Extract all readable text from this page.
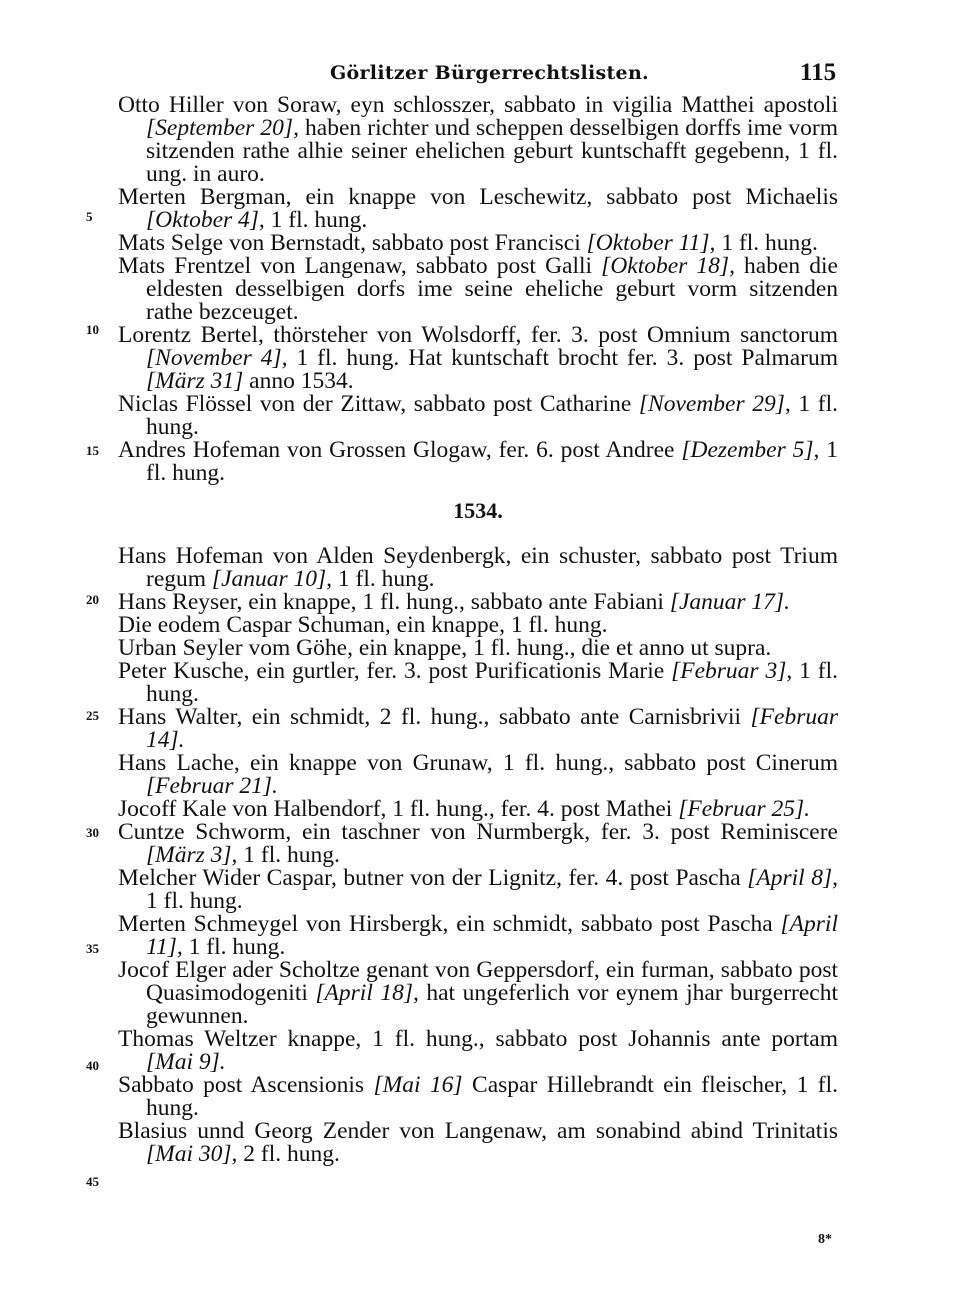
Görlitzer Bürgerrechtslisten.	115
Otto Hiller von Soraw, eyn schlosszer, sabbato in vigilia Matthei apostoli [September 20], haben richter und scheppen desselbigen dorffs ime vorm sitzenden rathe alhie seiner ehelichen geburt kuntschafft gegebenn, 1 fl. ung. in auro.
Merten Bergman, ein knappe von Leschewitz, sabbato post Michaelis [Oktober 4], 1 fl. hung.
Mats Selge von Bernstadt, sabbato post Francisci [Oktober 11], 1 fl. hung.
Mats Frentzel von Langenaw, sabbato post Galli [Oktober 18], haben die eldesten desselbigen dorfs ime seine eheliche geburt vorm sitzenden rathe bezceuget.
Lorentz Bertel, thörsteher von Wolsdorff, fer. 3. post Omnium sanctorum [November 4], 1 fl. hung. Hat kuntschaft brocht fer. 3. post Palmarum [März 31] anno 1534.
Niclas Flössel von der Zittaw, sabbato post Catharine [November 29], 1 fl. hung.
Andres Hofeman von Grossen Glogaw, fer. 6. post Andree [Dezember 5], 1 fl. hung.
1534.
Hans Hofeman von Alden Seydenbergk, ein schuster, sabbato post Trium regum [Januar 10], 1 fl. hung.
Hans Reyser, ein knappe, 1 fl. hung., sabbato ante Fabiani [Januar 17].
Die eodem Caspar Schuman, ein knappe, 1 fl. hung.
Urban Seyler vom Göhe, ein knappe, 1 fl. hung., die et anno ut supra.
Peter Kusche, ein gurtler, fer. 3. post Purificationis Marie [Februar 3], 1 fl. hung.
Hans Walter, ein schmidt, 2 fl. hung., sabbato ante Carnisbrivii [Februar 14].
Hans Lache, ein knappe von Grunaw, 1 fl. hung., sabbato post Cinerum [Februar 21].
Jocoff Kale von Halbendorf, 1 fl. hung., fer. 4. post Mathei [Februar 25].
Cuntze Schworm, ein taschner von Nurmbergk, fer. 3. post Reminiscere [März 3], 1 fl. hung.
Melcher Wider Caspar, butner von der Lignitz, fer. 4. post Pascha [April 8], 1 fl. hung.
Merten Schmeygel von Hirsbergk, ein schmidt, sabbato post Pascha [April 11], 1 fl. hung.
Jocof Elger ader Scholtze genant von Geppersdorf, ein furman, sabbato post Quasimodogeniti [April 18], hat ungeferlich vor eynem jhar burgerrecht gewunnen.
Thomas Weltzer knappe, 1 fl. hung., sabbato post Johannis ante portam [Mai 9].
Sabbato post Ascensionis [Mai 16] Caspar Hillebrandt ein fleischer, 1 fl. hung.
Blasius unnd Georg Zender von Langenaw, am sonabind abind Trinitatis [Mai 30], 2 fl. hung.
5
10
15
20
25
30
35
40
45
8*
